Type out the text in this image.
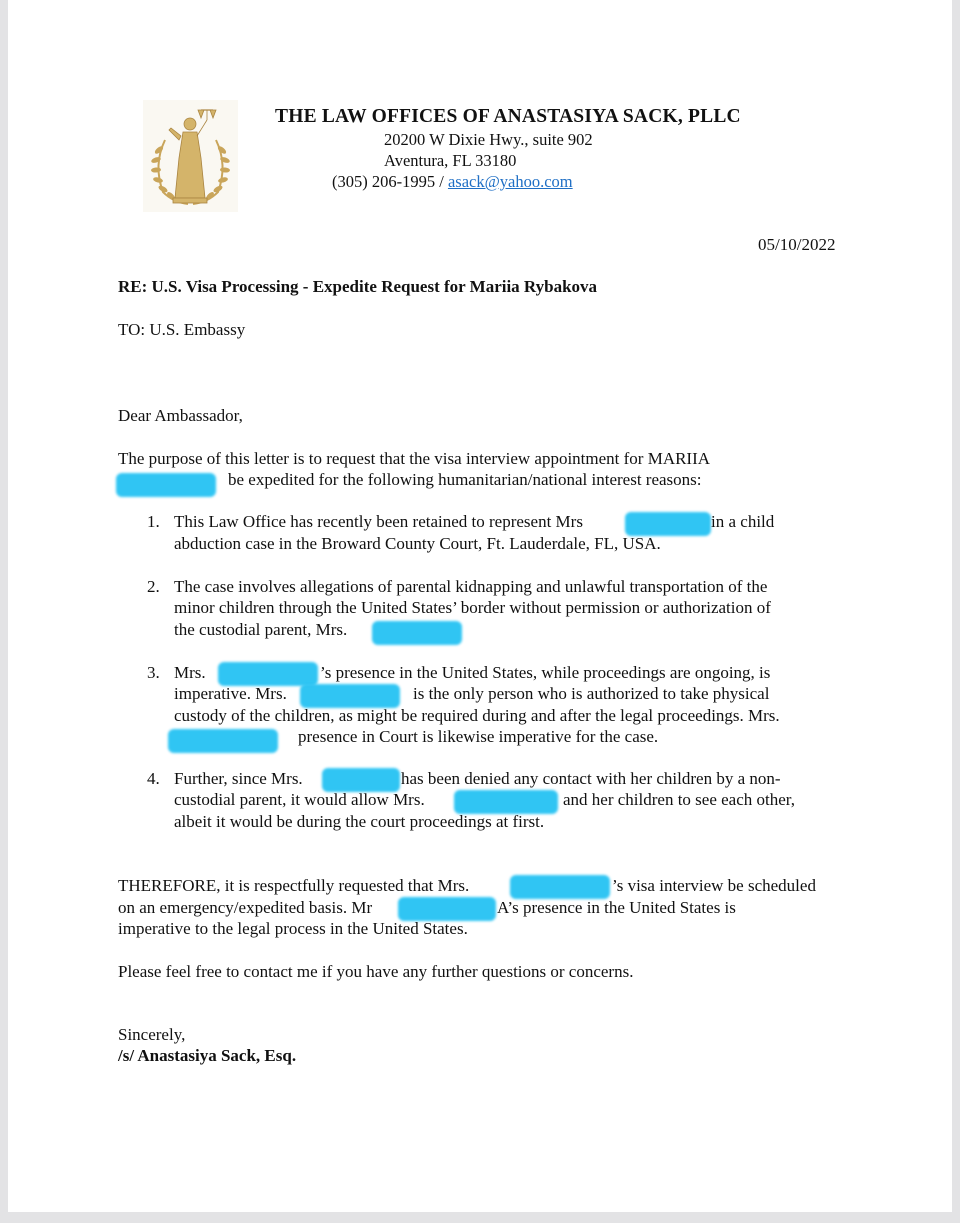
THE LAW OFFICES OF ANASTASIYA SACK, PLLC
20200 W Dixie Hwy., suite 902
Aventura, FL 33180
(305) 206-1995 / asack@yahoo.com
05/10/2022
RE: U.S. Visa Processing - Expedite Request for Mariia Rybakova
TO: U.S. Embassy
Dear Ambassador,
The purpose of this letter is to request that the visa interview appointment for MARIIA
be expedited for the following humanitarian/national interest reasons:
1. This Law Office has recently been retained to represent Mrs	in a child
abduction case in the Broward County Court, Ft. Lauderdale, FL, USA.
2. The case involves allegations of parental kidnapping and unlawful transportation of the
minor children through the United States’ border without permission or authorization of
the custodial parent, Mrs.
3. Mrs.	’s presence in the United States, while proceedings are ongoing, is
imperative. Mrs.	is the only person who is authorized to take physical
custody of the children, as might be required during and after the legal proceedings. Mrs.
presence in Court is likewise imperative for the case.
4. Further, since Mrs.	has been denied any contact with her children by a non-
custodial parent, it would allow Mrs.	and her children to see each other,
albeit it would be during the court proceedings at first.
THEREFORE, it is respectfully requested that Mrs.	’s visa interview be scheduled
on an emergency/expedited basis. Mr	A’s presence in the United States is
imperative to the legal process in the United States.
Please feel free to contact me if you have any further questions or concerns.
Sincerely,
/s/ Anastasiya Sack, Esq.
